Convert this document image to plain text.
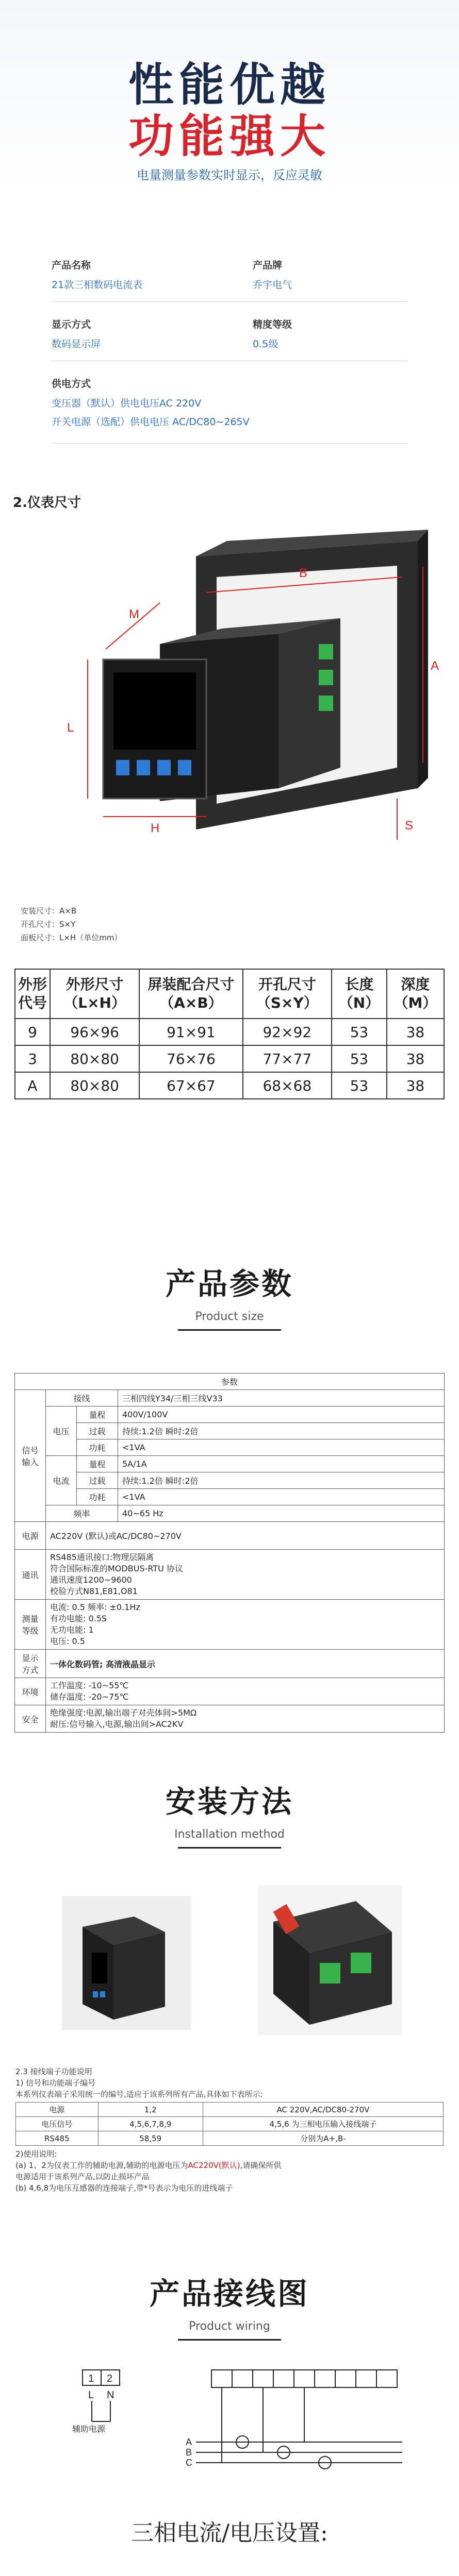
性能优越
功能强大
电量测量参数实时显示，反应灵敏
产品名称
21款三相数码电流表
产品牌
乔宇电气
显示方式
数码显示屏
精度等级
0.5级
供电方式
变压器（默认）供电电压AC 220V
开关电源（选配）供电电压 AC/DC80~265V
2.仪表尺寸
L
H
M
B
A
S
安装尺寸：A×B
开孔尺寸：S×Y
面板尺寸：L×H（单位mm）
外形代号	外形尺寸（L×H）	屏装配合尺寸（A×B）	开孔尺寸（S×Y）	长度（N）	深度（M）
9	96×96	91×91	92×92	53	38
3	80×80	76×76	77×77	53	38
A	80×80	67×67	68×68	53	38
产品参数
Product size
参数			
信号输入	接线		三相四线Y34/三相三线V33
	电压	量程	400V/100V
		过载	持续:1.2倍 瞬时:2倍
		功耗	<1VA
	电流	量程	5A/1A
		过载	持续:1.2倍 瞬时:2倍
		功耗	<1VA
	频率		40~65 Hz
电源	AC220V (默认)或AC/DC80~270V		
通讯	RS485通讯接口:物理层隔离
符合国际标准的MODBUS-RTU 协议
通讯速度1200~9600
校验方式N81,E81,O81		

测量等级	电流: 0.5 频率: ±0.1Hz
有功电能: 0.5S
无功电能: 1
电压: 0.5		

显示方式	一体化数码管; 高清液晶显示		
环境	工作温度: -10~55℃
储存温度: -20~75℃		

安全	绝缘强度:电源,输出端子对壳体间>5MΩ
耐压:信号输入,电源,输出间>AC2KV		
安装方法
Installation method
2.3 接线端子功能说明
1) 信号和功能端子编号
本系列仪表端子采用统一的编号,适应于该系列所有产品,具体如下表所示:
电源	1,2	AC 220V,AC/DC80-270V
电压信号	4,5,6,7,8,9	4,5,6 为三相电压输入接线端子
RS485	58,59	分别为A+,B-
2)使用说明:
(a) 1、2为仪表工作的辅助电源,辅助的电源电压为AC220V(默认),请确保所供
电源适用于该系列产品,以防止损坏产品
(b) 4,6,8为电压互感器的连接端子,带*号表示为电压的进线端子
产品接线图
Product wiring
1 2
L N
辅助电源
A
B
C
三相电流/电压设置:
